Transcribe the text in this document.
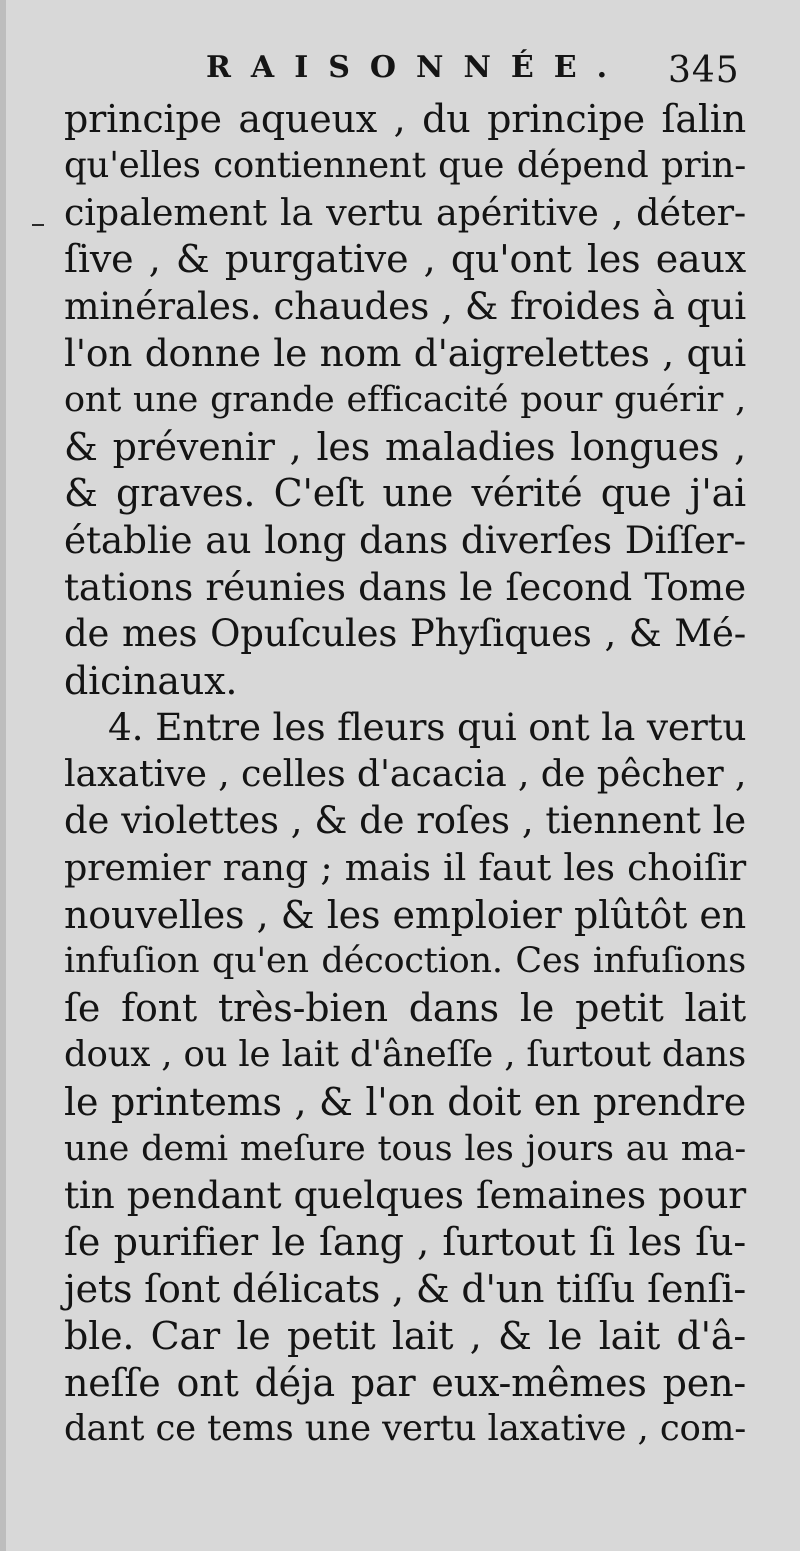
RAISONNÉE. 345
principe aqueux , du principe ſalin
qu'elles contiennent que dépend prin-
cipalement la vertu apéritive , déter-
ſive , & purgative , qu'ont les eaux
minérales. chaudes , & froides à qui
l'on donne le nom d'aigrelettes , qui
ont une grande efficacité pour guérir ,
& prévenir , les maladies longues ,
& graves. C'eſt une vérité que j'ai
établie au long dans diverſes Diſſer-
tations réunies dans le ſecond Tome
de mes Opuſcules Phyſiques , & Mé-
dicinaux.
4. Entre les fleurs qui ont la vertu
laxative , celles d'acacia , de pêcher ,
de violettes , & de roſes , tiennent le
premier rang ; mais il faut les choiſir
nouvelles , & les emploier plûtôt en
infuſion qu'en décoction. Ces infuſions
ſe font très-bien dans le petit lait
doux , ou le lait d'âneſſe , ſurtout dans
le printems , & l'on doit en prendre
une demi meſure tous les jours au ma-
tin pendant quelques ſemaines pour
ſe purifier le ſang , ſurtout ſi les ſu-
jets ſont délicats , & d'un tiſſu ſenſi-
ble. Car le petit lait , & le lait d'â-
neſſe ont déja par eux-mêmes pen-
dant ce tems une vertu laxative , com-
